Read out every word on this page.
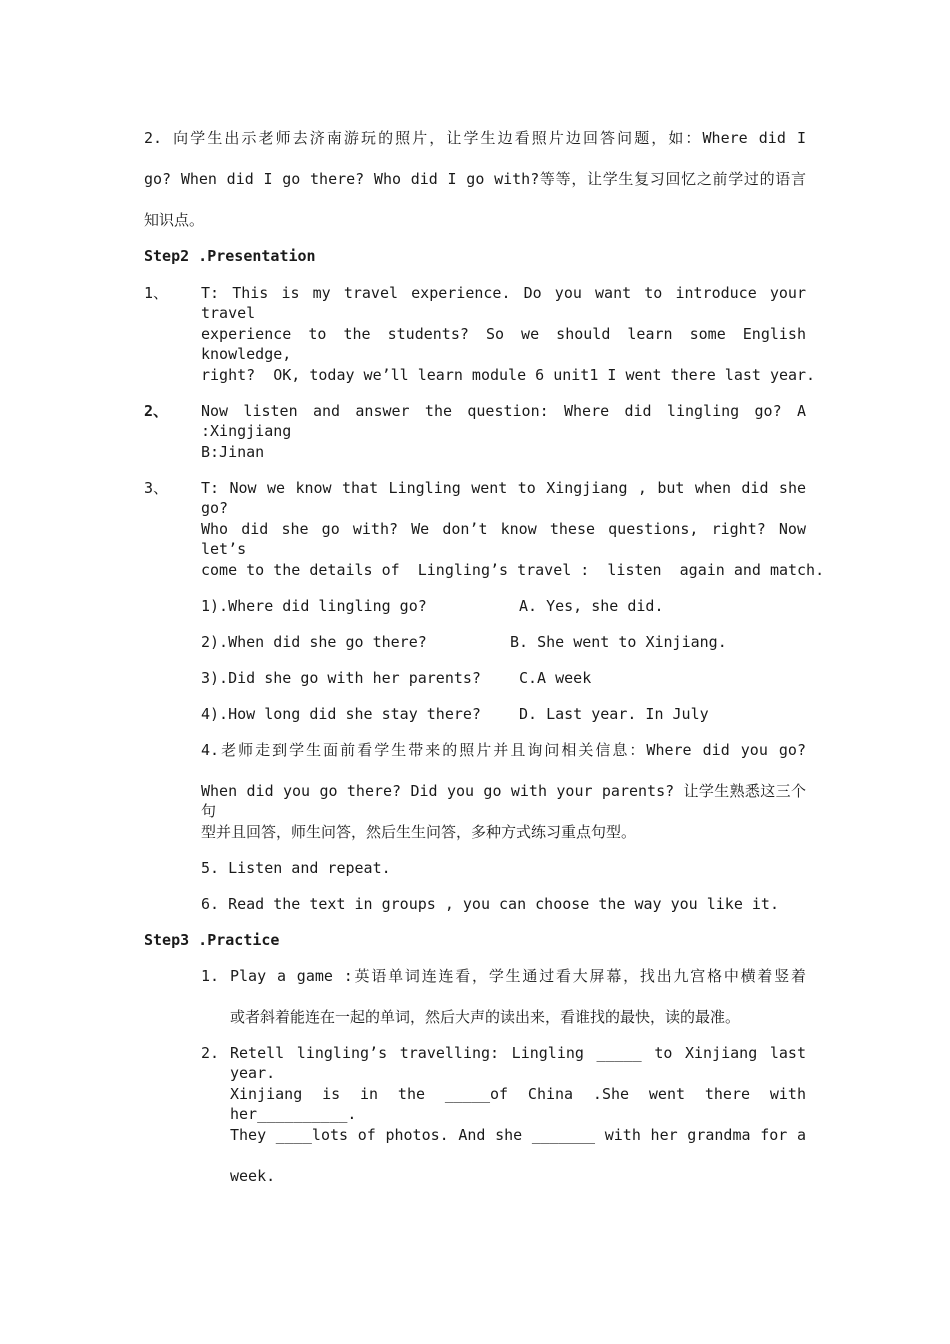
2. 向学生出示老师去济南游玩的照片，让学生边看照片边回答问题，如：Where did I
go? When did I go there? Who did I go with?等等，让学生复习回忆之前学过的语言
知识点。
Step2 .Presentation
1、 T: This is my travel experience. Do you want to introduce your travel
experience to the students? So we should learn some English knowledge,
right?  OK, today we’ll learn module 6 unit1 I went there last year.
2、 Now listen and answer the question: Where did lingling go? A :Xingjiang
B:Jinan
3、 T: Now we know that Lingling went to Xingjiang , but when did she go?
Who did she go with? We don’t know these questions, right? Now let’s
come to the details of  Lingling’s travel :  listen  again and match.
1).Where did lingling go?	A. Yes, she did.
2).When did she go there?	B. She went to Xinjiang.
3).Did she go with her parents?	C.A week
4).How long did she stay there?	D. Last year. In July
4.老师走到学生面前看学生带来的照片并且询问相关信息：Where did you go?
When did you go there? Did you go with your parents? 让学生熟悉这三个句
型并且回答，师生问答，然后生生问答，多种方式练习重点句型。
5. Listen and repeat.
6. Read the text in groups , you can choose the way you like it.
Step3 .Practice
1. Play a game :英语单词连连看，学生通过看大屏幕，找出九宫格中横着竖着
或者斜着能连在一起的单词，然后大声的读出来，看谁找的最快，读的最准。
2. Retell lingling’s travelling: Lingling _____ to Xinjiang last year.
Xinjiang is in the _____of China .She went there with her__________.
They ____lots of photos. And she _______ with her grandma for a
week.
